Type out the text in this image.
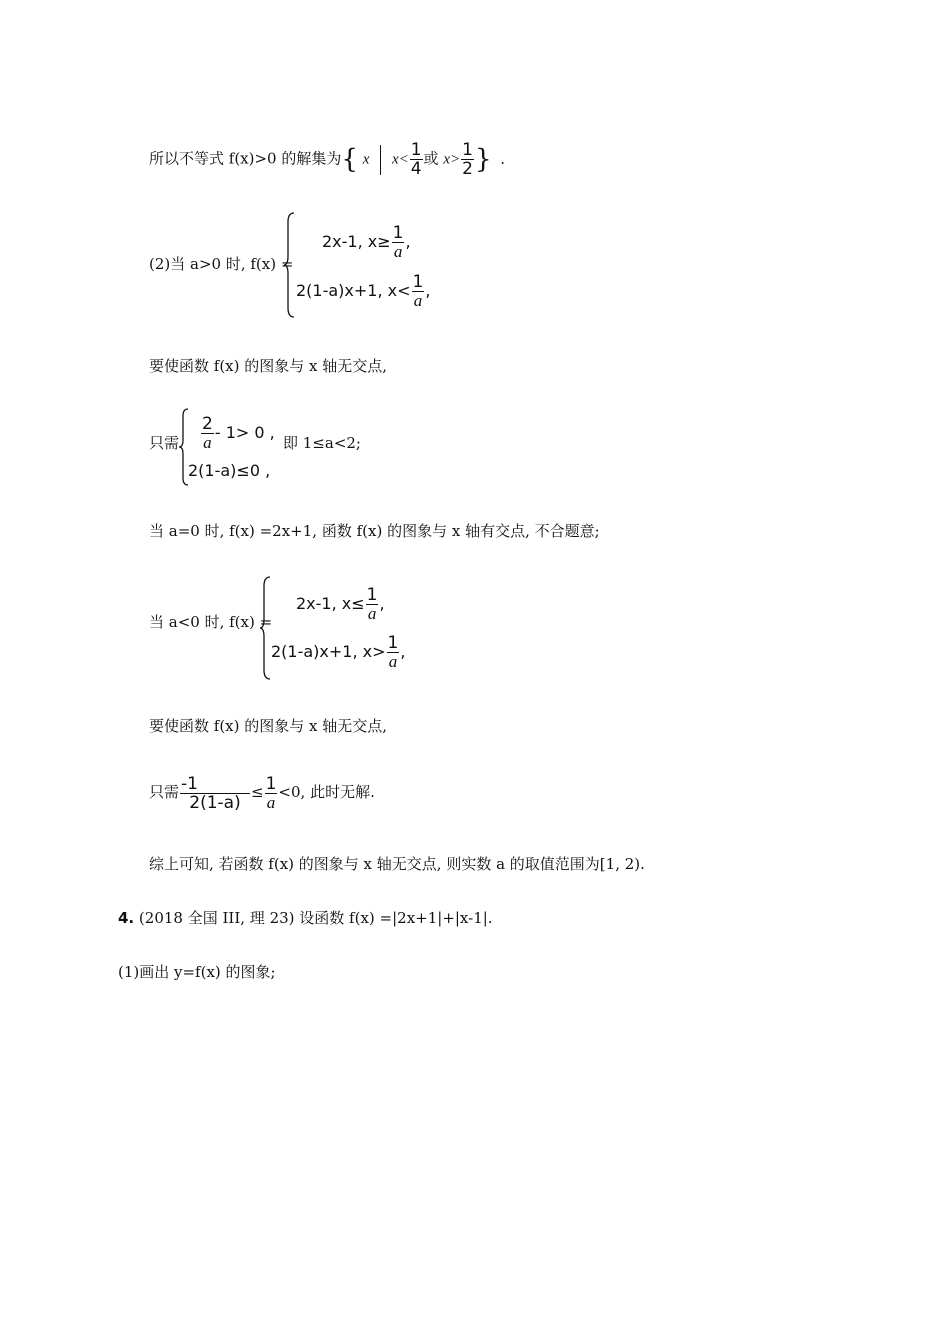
所以不等式 f(x)>0 的解集为{ x $x< \frac{1}{4}$ 或 $x> \frac{1}{2}$ } .
(2)当 a>0 时, f(x) =
2x-1, $x\ge \frac{1}{a}$ ,
2(1-a)x+1, $x< \frac{1}{a}$ ,
要使函数 f(x) 的图象与 x 轴无交点,
只需 $\frac{2}{a} - 1> 0$ ,
2(1-a)≤0 ,
即 1≤a<2;
当 a=0 时, f(x) =2x+1, 函数 f(x) 的图象与 x 轴有交点, 不合题意;
当 a<0 时, f(x) =
2x-1, $x\le \frac{1}{a}$ ,
2(1-a)x+1, $x> \frac{1}{a}$ ,
要使函数 f(x) 的图象与 x 轴无交点,
只需 $\frac{-1}{2(1-a)} \le \frac{1}{a} <0$, 此时无解.
综上可知, 若函数 f(x) 的图象与 x 轴无交点, 则实数 a 的取值范围为[1, 2).
4. (2018 全国 III, 理 23) 设函数 f(x) =|2x+1|+|x-1|.
(1)画出 y=f(x) 的图象;
